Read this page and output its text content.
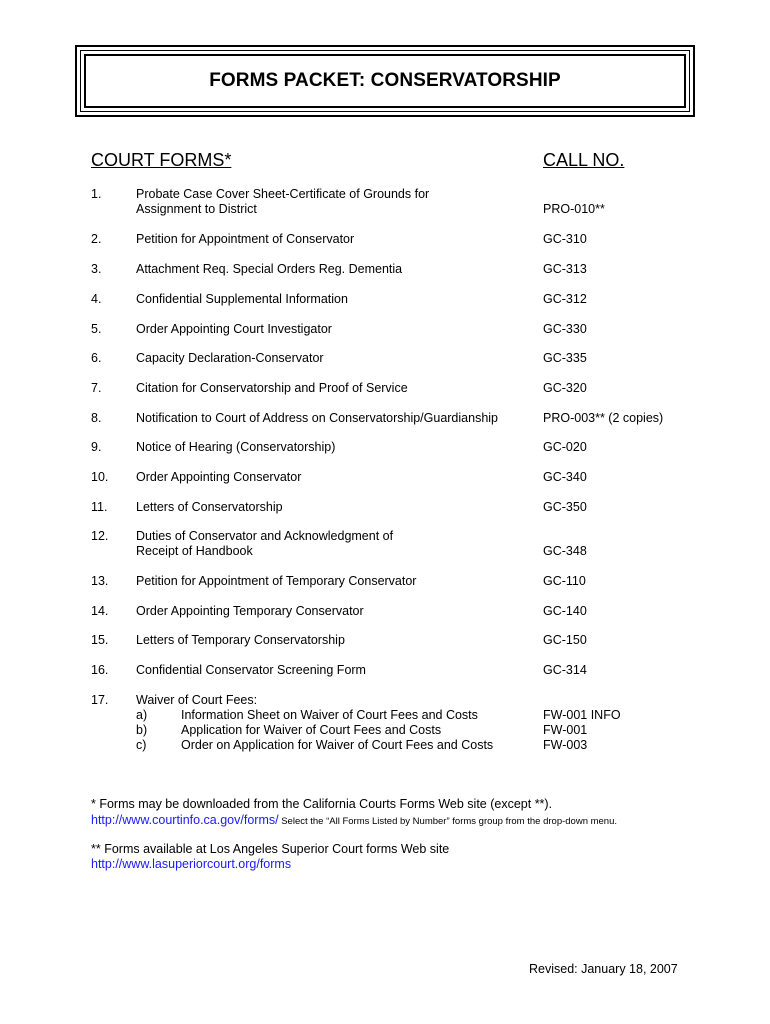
FORMS PACKET: CONSERVATORSHIP
COURT FORMS*	CALL NO.
1.	Probate Case Cover Sheet-Certificate of Grounds for
Assignment to District	PRO-010**
2.	Petition for Appointment of Conservator	GC-310
3.	Attachment Req. Special Orders Reg. Dementia	GC-313
4.	Confidential Supplemental Information	GC-312
5.	Order Appointing Court Investigator	GC-330
6.	Capacity Declaration-Conservator	GC-335
7.	Citation for Conservatorship and Proof of Service	GC-320
8.	Notification to Court of Address on Conservatorship/Guardianship	PRO-003** (2 copies)
9.	Notice of Hearing (Conservatorship)	GC-020
10. Order Appointing Conservator	GC-340
11. Letters of Conservatorship	GC-350
12. Duties of Conservator and Acknowledgment of
Receipt of Handbook	GC-348
13. Petition for Appointment of Temporary Conservator	GC-110
14. Order Appointing Temporary Conservator	GC-140
15. Letters of Temporary Conservatorship	GC-150
16. Confidential Conservator Screening Form	GC-314
17. Waiver of Court Fees:
a)	Information Sheet on Waiver of Court Fees and Costs	FW-001 INFO
b)	Application for Waiver of Court Fees and Costs	FW-001
c)	Order on Application for Waiver of Court Fees and Costs	FW-003
* Forms may be downloaded from the California Courts Forms Web site (except **).
http://www.courtinfo.ca.gov/forms/ Select the “All Forms Listed by Number” forms group from the drop-down menu.
** Forms available at Los Angeles Superior Court forms Web site
http://www.lasuperiorcourt.org/forms
Revised: January 18, 2007
